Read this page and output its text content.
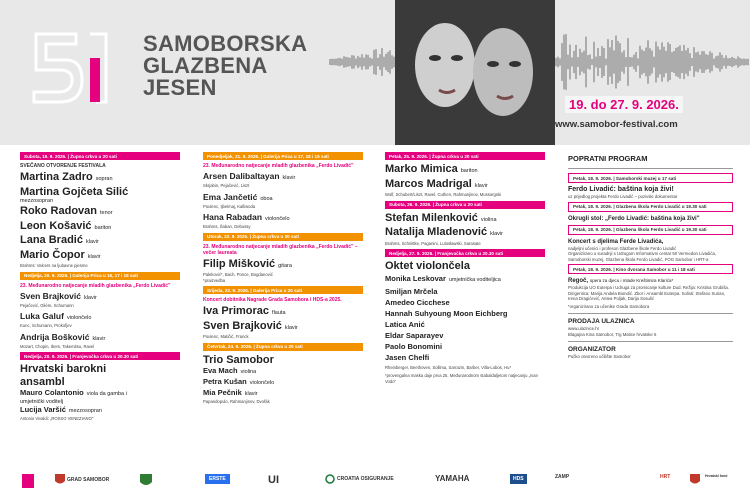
SAMOBORSKA
GLAZBENA
JESEN
19. do 27. 9. 2026.
www.samobor-festival.com
Subota, 19. 9. 2026. | Župna crkva u 20 sati
SVEČANO OTVORENJE FESTIVALA
Martina Zadro sopran
Martina Gojčeta Silić
mezzosopran
Roko Radovan tenor
Leon Košavić bariton
Lana Bradić klavir
Mario Čopor klavir
Brahms: Valcers na ljubavne pjesme
Nedjelja, 20. 9. 2026. | Galerija Prica u 16, 17 i 18 sati
23. Međunarodno natjecanje mladih glazbenika „Ferdo Livadić"
Sven Brajković klavir
Pejačević, Glière, Schumann
Luka Galuf violončelo
Kunc, Schumann, Prokofjev
Andrija Bošković klavir
Mozart, Chopin, Ibers, Takemitsu, Ravel
Nedjelja, 20. 9. 2026. | Franjevačka crkva u 20.30 sati
Hrvatski barokni
ansambl
Mauro Colantonio viola da gamba i
umjetnički voditelj
Lucija Varšić mezzosopran
Antonio Vivaldi: „ROSSO VENEZIANO"
Ponedjeljak, 21. 9. 2026. | Galerija Prica u 17, 18 i 19 sati
23. Međunarodno natjecanje mladih glazbenika „Ferdo Livadić"
Arsen Dalibaltayan klavir
Skrjabin, Pejačević, Liszt
Ema Jančetić oboa
Poulenc, Ijbelmaj, Kalliwoda
Hana Rabadan violončelo
Brahms, Šaban, Debussy
Utorak, 22. 9. 2026. | Župna crkva u 20 sati
23. Međunarodno natjecanje mladih glazbenika „Ferdo Livadić" – večer laureata
Filip Mišković gitara
Paleković*, Bach, Ponce, Bogdanović
*praizvedba
Srijeda, 23. 9. 2026. | Galerija Prica u 20 sati
Koncert dobitnika Nagrade Grada Samobora i HDS-a 2025.
Iva Primorac flauta
Sven Brajković klavir
Poulenc, Matičić, Franck
Četvrtak, 24. 9. 2026. | Župna crkva u 20 sati
Trio Samobor
Eva Mach violina
Petra Kušan violončelo
Mia Pečnik klavir
Papandopulo, Rahmanjinov, Dvořák
Petak, 25. 9. 2026. | Župna crkva u 20 sati
Marko Mimica bariton
Marcos Madrigal klavir
Wolf, Schubert/Liszt, Ravel, Cuthen, Rahmanjinov, Mussorgski
Subota, 26. 9. 2026. | Župna crkva u 20 sati
Stefan Milenković violina
Natalija Mladenović klavir
Brahms, Schnittke, Paganini, Lutosławski, Sarasate
Nedjelja, 27. 9. 2026. | Franjevačka crkva u 20.30 sati
Oktet violončela
Monika Leskovar umjetnička voditeljica
Smiljan Mrčela
Amedeo Cicchese
Hannah Suhyoung Moon Eichberg
Latica Anić
Eldar Saparayev
Paolo Bonomini
Jasen Chelfi
Rheinberger, Beethoven, Sollima, Sarrazin, Barber, Villa-Lobos, Hu*
*provengalna maska daje prva 25. Međunarodnom stabaldaljetom natjecanju „Ivan Vodo"
POPRATNI PROGRAM
Petak, 18. 9. 2026. | Samoborski muzej u 17 sati
Ferdo Livadić: baština koja živi!
uz prijedlog projekta Ferdo Livadić – pozivski dokumentar
Petak, 18. 9. 2026. | Glazbena škola Ferdo Livadić u 19.30 sati
Okrugli stol: „Ferdo Livadić: baština koja živi"
Petak, 18. 9. 2026. | Glazbena škola Ferdo Livadić u 19.30 sati
Koncert s djelima Ferde Livadića,
nadjeljni učenici i profesori Glazbene škole Ferdo Livadić
Organizirano u suradnji s Udrugom Informativni centar 50 Vermedon Livadića, Samoborski muzej, Glazbena škola Ferdo Livadić, FOG Samobor i HRT-a
Petak, 18. 9. 2026. | Kino dvorana Samobor u 11 i 18 sati
Regoč, opera za djecu i mlade Kreštimira Klarića*
Produkcija UO Euterpa i Udruga za promicanje kulture Dud. Režija: Kristina Grubiša. Dirigentica: Marija Andela Biondić. Zbor i Ansambl Euterpa. Solisti: Stefano Surian, Irena Dragićević, Antea Poljak, Darija Sosulić
*organizirano za učenike Grada Samobora
PRODAJA ULAZNICA
www.ulaznice.hr
Blagajna Kina Samobor, Trg Matice hrvatske 6
ORGANIZATOR
Pučko otvoreno učilište Samobor
GRAD SAMOBOR	ERSTE	UI	CROATIA OSIGURANJE	YAMAHA	HDS	ZAMP	HRT	Hrvatski fond
